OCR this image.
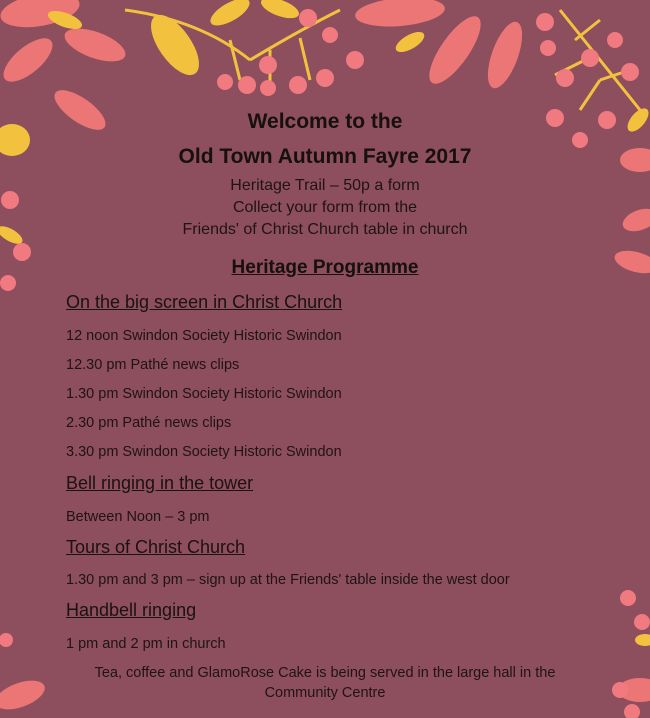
Welcome to the

Old Town Autumn Fayre 2017

Heritage Trail – 50p a form

Collect your form from the

Friends' of Christ Church table in church

Heritage Programme

On the big screen in Christ Church

12 noon Swindon Society Historic Swindon

12.30 pm Pathé news clips

1.30 pm Swindon Society Historic Swindon

2.30 pm Pathé news clips

3.30 pm Swindon Society Historic Swindon

Bell ringing in the tower

Between Noon – 3 pm

Tours of Christ Church

1.30 pm and 3 pm – sign up at the Friends' table inside the west door

Handbell ringing

1 pm and 2 pm in church

Tea, coffee and GlamoRose Cake is being served in the large hall in the

Community Centre
